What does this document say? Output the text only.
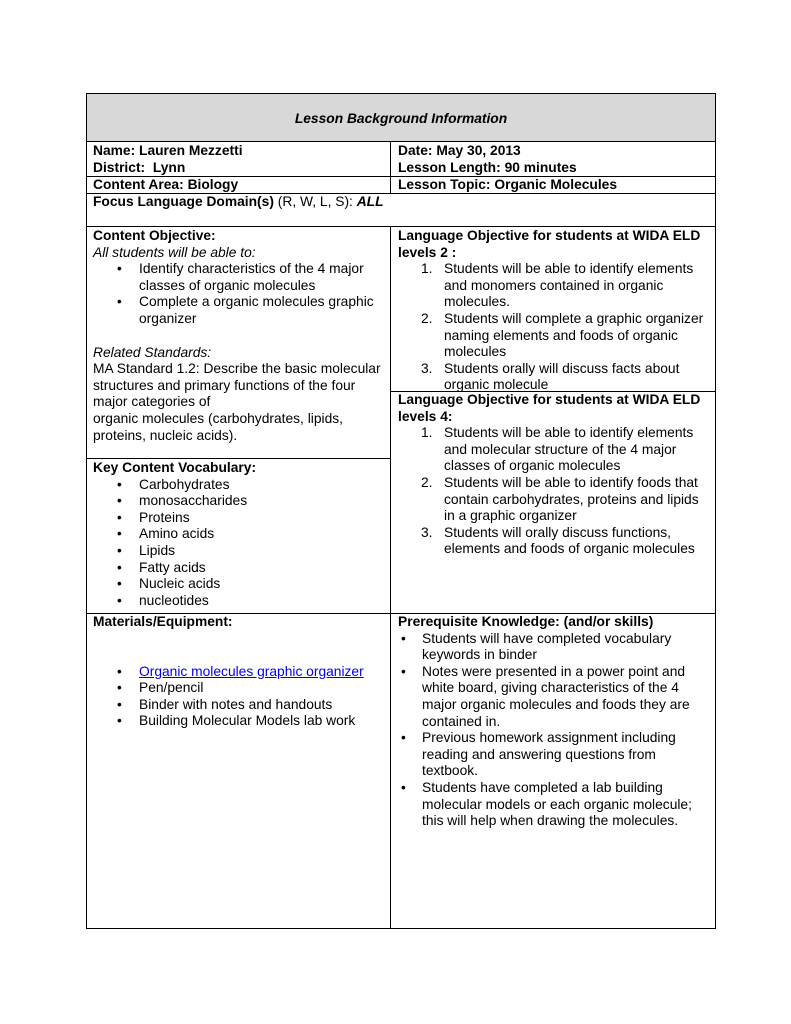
Lesson Background Information
Name: Lauren Mezzetti	Date: May 30, 2013
District: Lynn	Lesson Length: 90 minutes
Content Area: Biology	Lesson Topic: Organic Molecules
Focus Language Domain(s) (R, W, L, S): ALL
Content Objective:
All students will be able to:
• Identify characteristics of the 4 major classes of organic molecules
• Complete a organic molecules graphic organizer
Related Standards:
MA Standard 1.2: Describe the basic molecular structures and primary functions of the four major categories of
organic molecules (carbohydrates, lipids, proteins, nucleic acids).
Language Objective for students at WIDA ELD levels 2 :
1. Students will be able to identify elements and monomers contained in organic molecules.
2. Students will complete a graphic organizer naming elements and foods of organic molecules
3. Students orally will discuss facts about organic molecule
Language Objective for students at WIDA ELD levels 4:
1. Students will be able to identify elements and molecular structure of the 4 major classes of organic molecules
2. Students will be able to identify foods that contain carbohydrates, proteins and lipids in a graphic organizer
3. Students will orally discuss functions, elements and foods of organic molecules
Key Content Vocabulary:
• Carbohydrates
• monosaccharides
• Proteins
• Amino acids
• Lipids
• Fatty acids
• Nucleic acids
• nucleotides
Materials/Equipment:
• Organic molecules graphic organizer
• Pen/pencil
• Binder with notes and handouts
• Building Molecular Models lab work
Prerequisite Knowledge: (and/or skills)
• Students will have completed vocabulary keywords in binder
• Notes were presented in a power point and white board, giving characteristics of the 4 major organic molecules and foods they are contained in.
• Previous homework assignment including reading and answering questions from textbook.
• Students have completed a lab building molecular models or each organic molecule; this will help when drawing the molecules.
